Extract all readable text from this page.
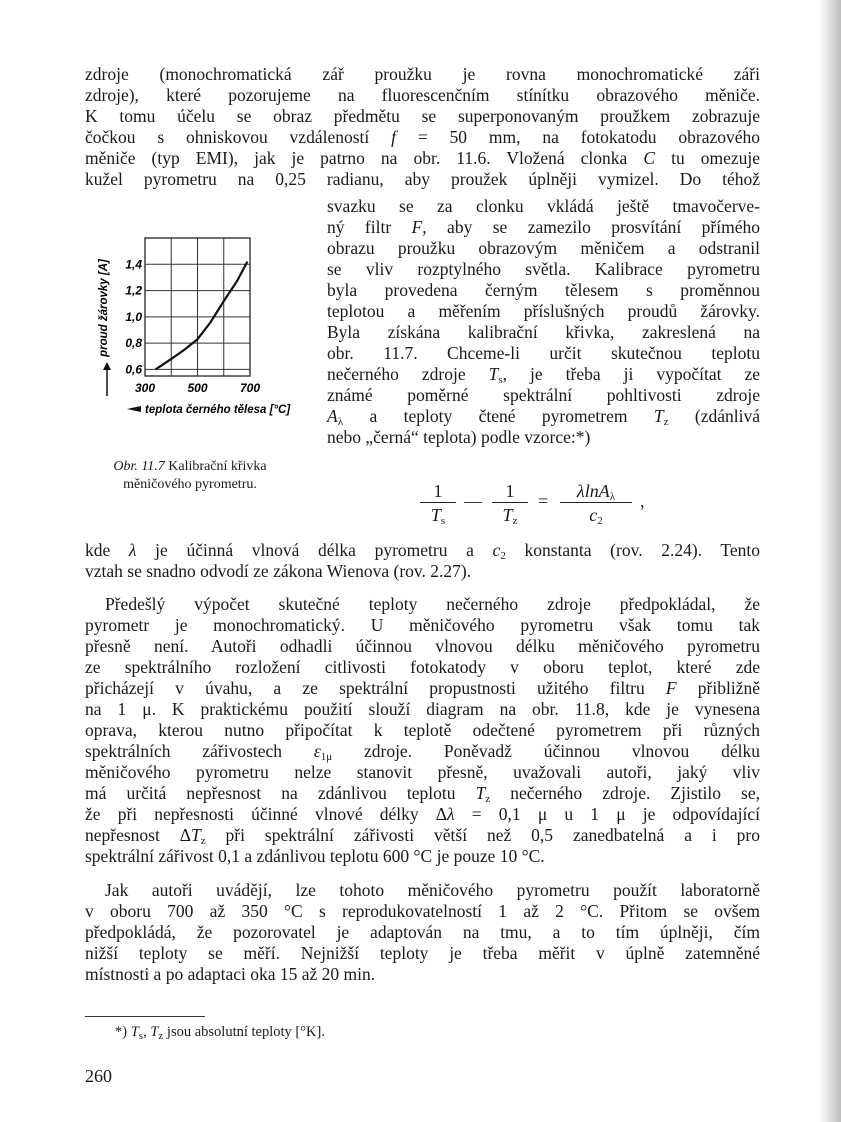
zdroje (monochromatická zář proužku je rovna monochromatické záři
zdroje), které pozorujeme na fluorescenčním stínítku obrazového měniče.
K tomu účelu se obraz předmětu se superponovaným proužkem zobrazuje
čočkou s ohniskovou vzdáleností f = 50 mm, na fotokatodu obrazového
měniče (typ EMI), jak je patrno na obr. 11.6. Vložená clonka C tu omezuje
kužel pyrometru na 0,25 radianu, aby proužek úplněji vymizel. Do téhož
svazku se za clonku vkládá ještě tmavočerve-
ný filtr F, aby se zamezilo prosvítání přímého
obrazu proužku obrazovým měničem a odstranil
se vliv rozptylného světla. Kalibrace pyrometru
byla provedena černým tělesem s proměnnou
teplotou a měřením příslušných proudů žárovky.
Byla získána kalibrační křivka, zakreslená na
obr. 11.7. Chceme-li určit skutečnou teplotu
nečerného zdroje $T_s$, je třeba ji vypočítat ze
známé poměrné spektrální pohltivosti zdroje
$A_\lambda$ a teploty čtené pyrometrem $T_z$ (zdánlivá
nebo „černá“ teplota) podle vzorce:*)
0,6
0,8
1,0
1,2
1,4
300	500	700
proud žárovky [A]
teplota černého tělesa [°C]
Obr. 11.7 Kalibrační křivka
měničového pyrometru.	$\frac{1}{T_s}$ — $\frac{1}{T_z} = \frac{\lambda\ln A_\lambda}{c_2}$ ,
kde λ je účinná vlnová délka pyrometru a $c_2$ konstanta (rov. 2.24). Tento
vztah se snadno odvodí ze zákona Wienova (rov. 2.27).
Předešlý výpočet skutečné teploty nečerného zdroje předpokládal, že
pyrometr je monochromatický. U měničového pyrometru však tomu tak
přesně není. Autoři odhadli účinnou vlnovou délku měničového pyrometru
ze spektrálního rozložení citlivosti fotokatody v oboru teplot, které zde
přicházejí v úvahu, a ze spektrální propustnosti užitého filtru F přibližně
na 1 μ. K praktickému použití slouží diagram na obr. 11.8, kde je vynesena
oprava, kterou nutno připočítat k teplotě odečtené pyrometrem při různých
spektrálních zářivostech $\varepsilon_{1\mu}$ zdroje. Poněvadž účinnou vlnovou délku
měničového pyrometru nelze stanovit přesně, uvažovali autoři, jaký vliv
má určitá nepřesnost na zdánlivou teplotu $T_z$ nečerného zdroje. Zjistilo se,
že při nepřesnosti účinné vlnové délky Δλ = 0,1 μ u 1 μ je odpovídající
nepřesnost $\Delta T_z$ při spektrální zářivosti větší než 0,5 zanedbatelná a i pro
spektrální zářivost 0,1 a zdánlivou teplotu 600 °C je pouze 10 °C.
Jak autoři uvádějí, lze tohoto měničového pyrometru použít laboratorně
v oboru 700 až 350 °C s reprodukovatelností 1 až 2 °C. Přitom se ovšem
předpokládá, že pozorovatel je adaptován na tmu, a to tím úplněji, čím
nižší teploty se měří. Nejnižší teploty je třeba měřit v úplně zatemněné
místnosti a po adaptaci oka 15 až 20 min.
*) $T_s$, $T_z$ jsou absolutní teploty [°K].
260
